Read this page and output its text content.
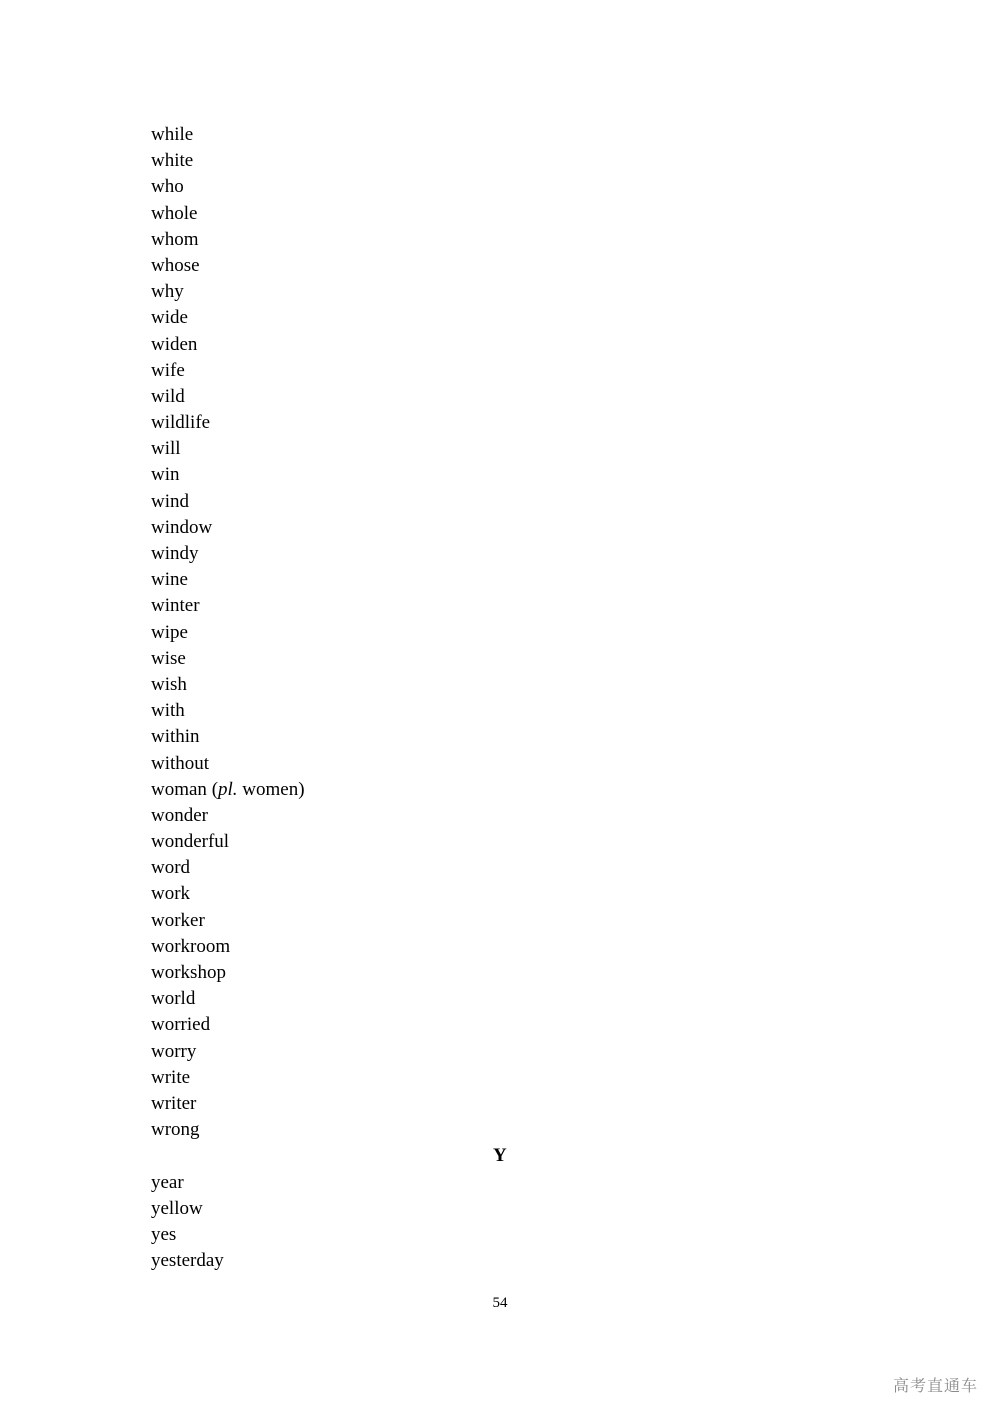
while
white
who
whole
whom
whose
why
wide
widen
wife
wild
wildlife
will
win
wind
window
windy
wine
winter
wipe
wise
wish
with
within
without
woman (pl. women)
wonder
wonderful
word
work
worker
workroom
workshop
world
worried
worry
write
writer
wrong
Y
year
yellow
yes
yesterday
54
高考直通车
